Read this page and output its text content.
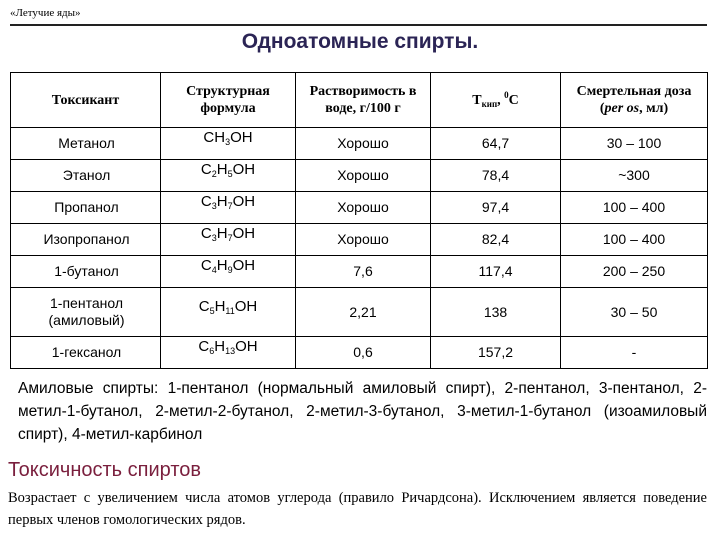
«Летучие яды»
Одноатомные спирты.
Токсикант	Структурная формула	Растворимость в воде, г/100 г	$Т_{кип}$, $^0$С	Смертельная доза (per os, мл)
Метанол	$CH_3OH$	Хорошо	64,7	30 – 100
Этанол	$C_2H_5OH$	Хорошо	78,4	~300
Пропанол	$C_3H_7OH$	Хорошо	97,4	100 – 400
Изопропанол	$C_3H_7OH$	Хорошо	82,4	100 – 400
1-бутанол	$C_4H_9OH$	7,6	117,4	200 – 250
1-пентанол (амиловый)	$C_5H_{11}OH$	2,21	138	30 – 50
1-гексанол	$C_6H_{13}OH$	0,6	157,2	-
Амиловые спирты: 1-пентанол (нормальный амиловый спирт), 2-пентанол, 3-пентанол, 2-метил-1-бутанол, 2-метил-2-бутанол, 2-метил-3-бутанол, 3-метил-1-бутанол (изоамиловый спирт), 4-метил-карбинол
Токсичность спиртов
Возрастает с увеличением числа атомов углерода (правило Ричардсона). Исключением является поведение первых членов гомологических рядов.
